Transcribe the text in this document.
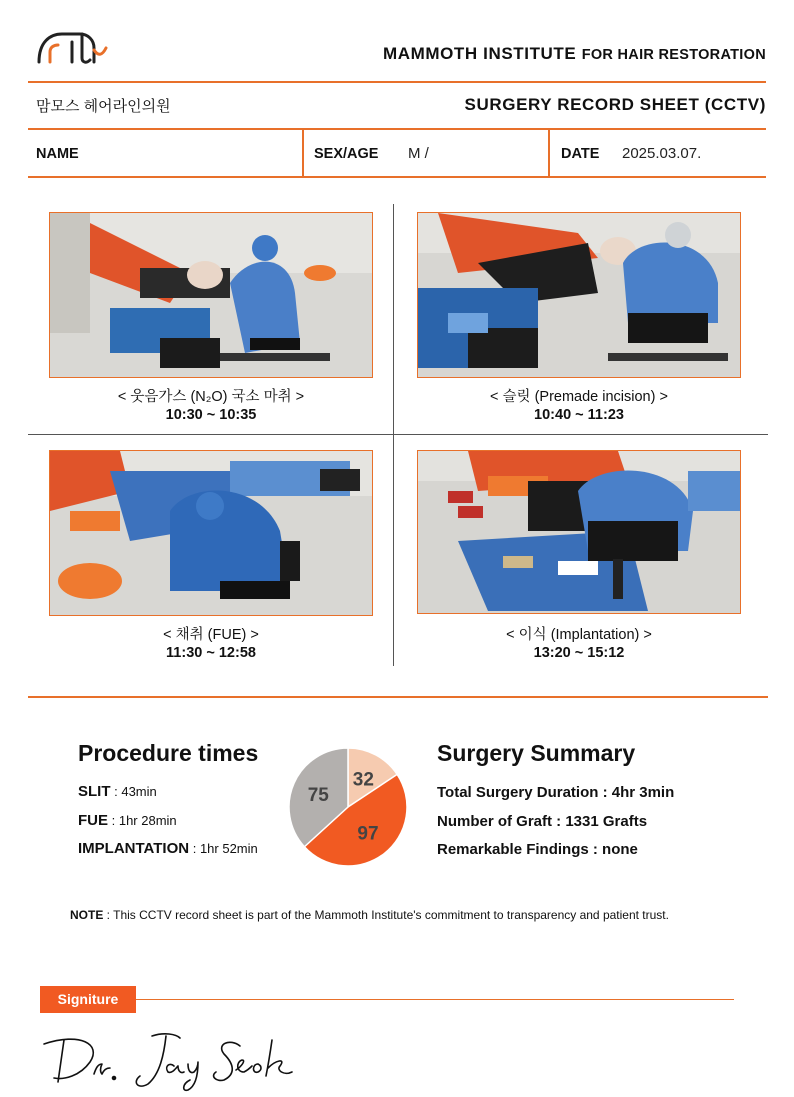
MAMMOTH INSTITUTE FOR HAIR RESTORATION
맘모스 헤어라인의원	SURGERY RECORD SHEET (CCTV)
NAME	SEX/AGE M /	DATE 2025.03.07.
< 웃음가스 (N₂O) 국소 마취 >
10:30 ~ 10:35
< 슬릿 (Premade incision) >
10:40 ~ 11:23
< 채취 (FUE) >
11:30 ~ 12:58
< 이식 (Implantation) >
13:20 ~ 15:12
Procedure times
SLIT : 43min
FUE : 1hr 28min
IMPLANTATION : 1hr 52min
32
97
75
Surgery Summary
Total Surgery Duration : 4hr 3min
Number of Graft : 1331 Grafts
Remarkable Findings : none
NOTE : This CCTV record sheet is part of the Mammoth Institute's commitment to transparency and patient trust.
Signiture
